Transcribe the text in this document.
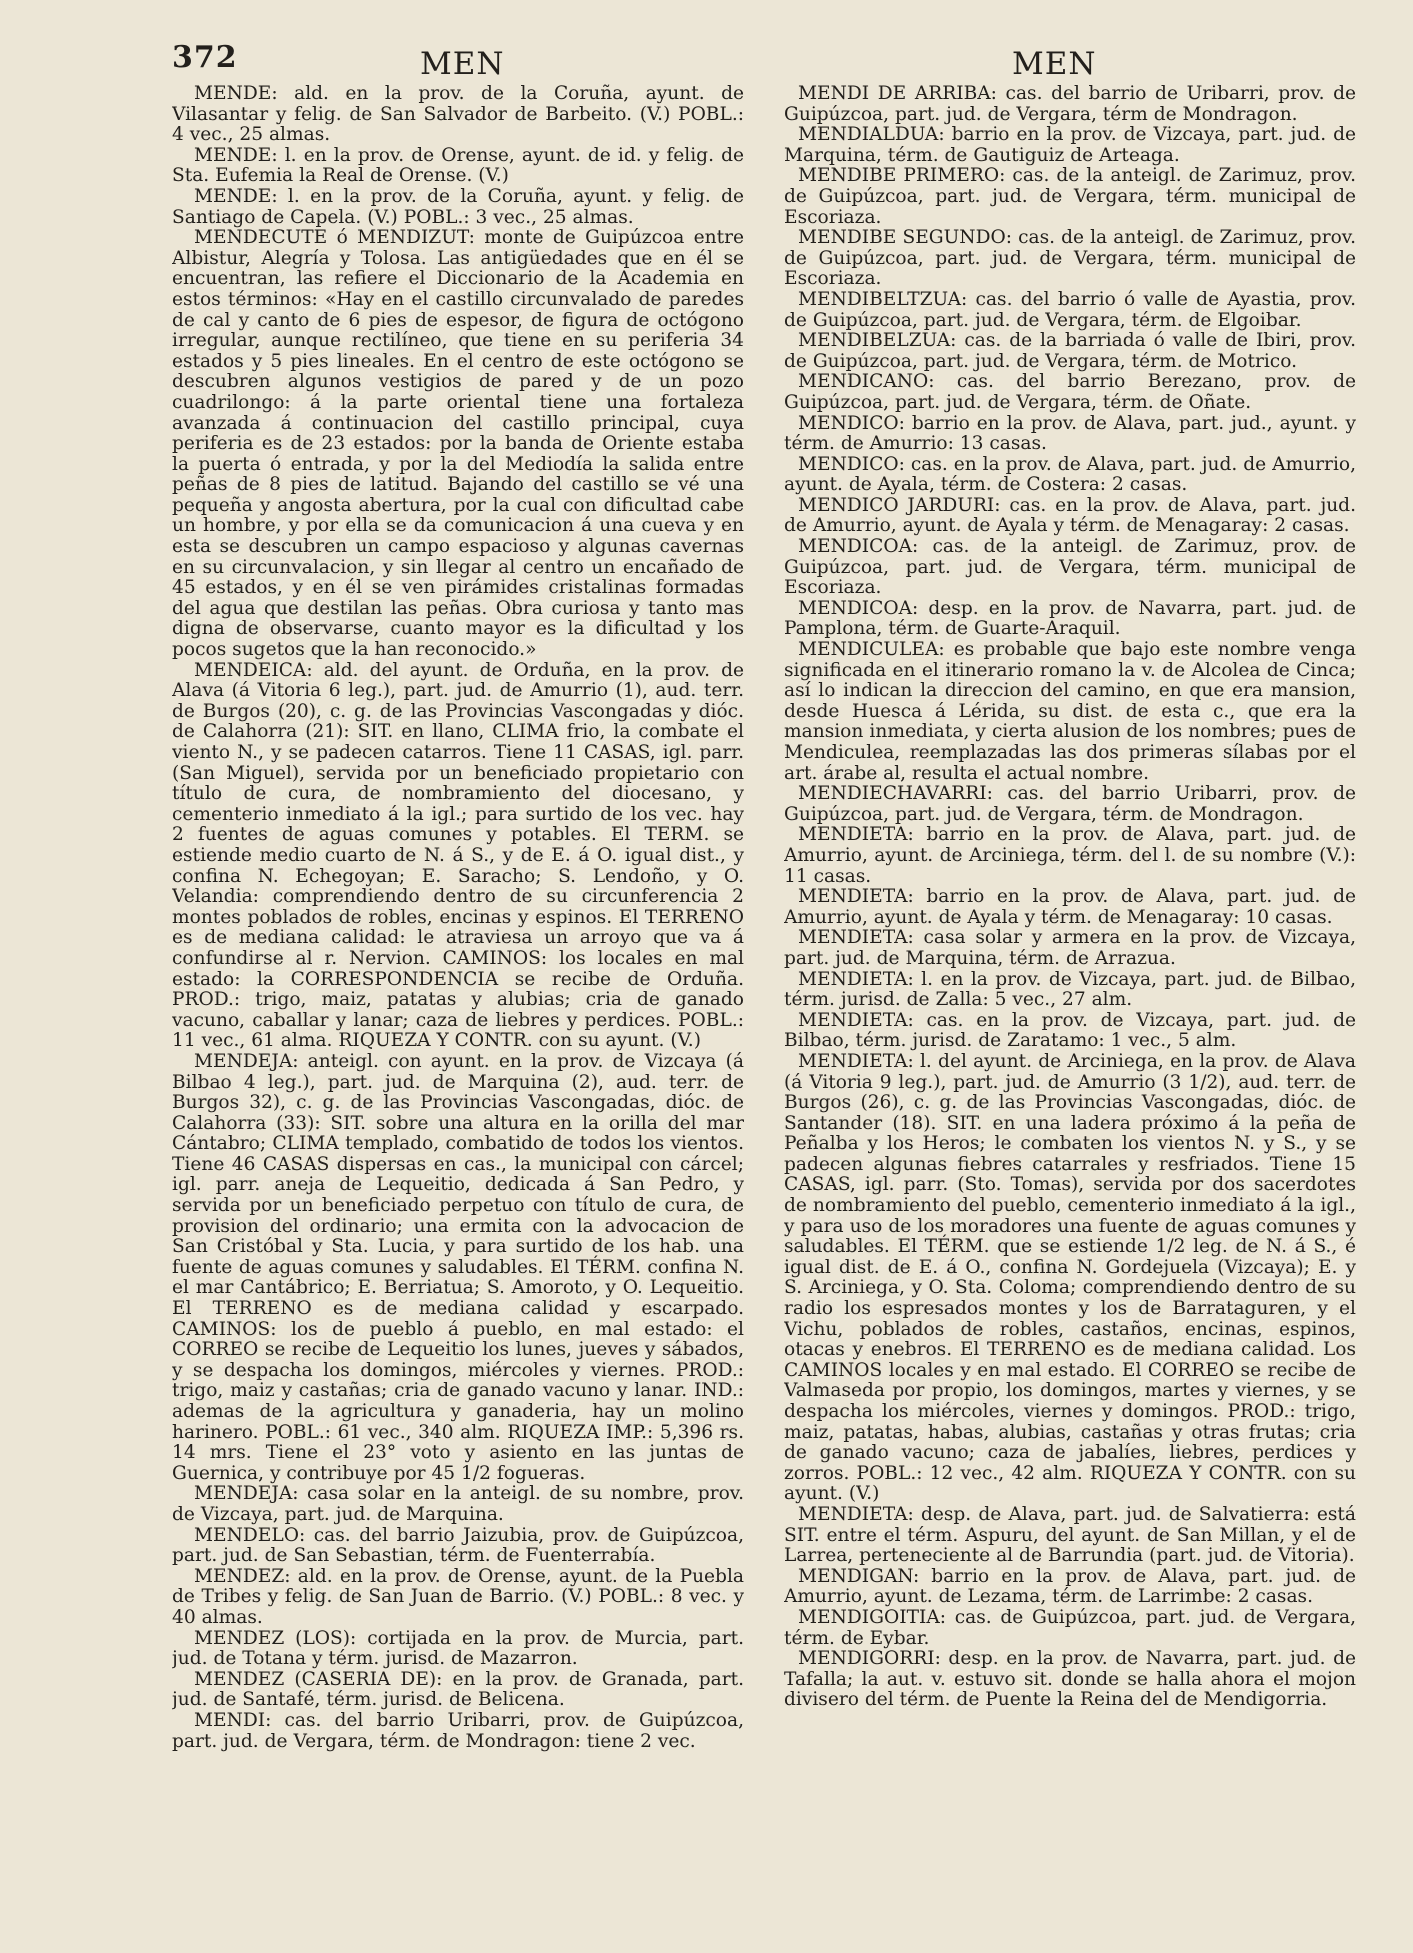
372	MEN	MEN

MENDE: ald. en la prov. de la Coruña, ayunt. de Vilasantar y felig. de San Salvador de Barbeito. (V.) POBL.: 4 vec., 25 almas.

MENDE: l. en la prov. de Orense, ayunt. de id. y felig. de Sta. Eufemia la Real de Orense. (V.)

MENDE: l. en la prov. de la Coruña, ayunt. y felig. de Santiago de Capela. (V.) POBL.: 3 vec., 25 almas.

MENDECUTE ó MENDIZUT: monte de Guipúzcoa entre Albistur, Alegría y Tolosa. Las antigüedades que en él se encuentran, las refiere el Diccionario de la Academia en estos términos: «Hay en el castillo circunvalado de paredes de cal y canto de 6 pies de espesor, de figura de octógono irregular, aunque rectilíneo, que tiene en su periferia 34 estados y 5 pies lineales. En el centro de este octógono se descubren algunos vestigios de pared y de un pozo cuadrilongo: á la parte oriental tiene una fortaleza avanzada á continuacion del castillo principal, cuya periferia es de 23 estados: por la banda de Oriente estaba la puerta ó entrada, y por la del Mediodía la salida entre peñas de 8 pies de latitud. Bajando del castillo se vé una pequeña y angosta abertura, por la cual con dificultad cabe un hombre, y por ella se da comunicacion á una cueva y en esta se descubren un campo espacioso y algunas cavernas en su circunvalacion, y sin llegar al centro un encañado de 45 estados, y en él se ven pirámides cristalinas formadas del agua que destilan las peñas. Obra curiosa y tanto mas digna de observarse, cuanto mayor es la dificultad y los pocos sugetos que la han reconocido.»

MENDEICA: ald. del ayunt. de Orduña, en la prov. de Alava (á Vitoria 6 leg.), part. jud. de Amurrio (1), aud. terr. de Burgos (20), c. g. de las Provincias Vascongadas y dióc. de Calahorra (21): SIT. en llano, CLIMA frio, la combate el viento N., y se padecen catarros. Tiene 11 CASAS, igl. parr. (San Miguel), servida por un beneficiado propietario con título de cura, de nombramiento del diocesano, y cementerio inmediato á la igl.; para surtido de los vec. hay 2 fuentes de aguas comunes y potables. El TERM. se estiende medio cuarto de N. á S., y de E. á O. igual dist., y confina N. Echegoyan; E. Saracho; S. Lendoño, y O. Velandia: comprendiendo dentro de su circunferencia 2 montes poblados de robles, encinas y espinos. El TERRENO es de mediana calidad: le atraviesa un arroyo que va á confundirse al r. Nervion. CAMINOS: los locales en mal estado: la CORRESPONDENCIA se recibe de Orduña. PROD.: trigo, maiz, patatas y alubias; cria de ganado vacuno, caballar y lanar; caza de liebres y perdices. POBL.: 11 vec., 61 alma. RIQUEZA Y CONTR. con su ayunt. (V.)

MENDEJA: anteigl. con ayunt. en la prov. de Vizcaya (á Bilbao 4 leg.), part. jud. de Marquina (2), aud. terr. de Burgos 32), c. g. de las Provincias Vascongadas, dióc. de Calahorra (33): SIT. sobre una altura en la orilla del mar Cántabro; CLIMA templado, combatido de todos los vientos. Tiene 46 CASAS dispersas en cas., la municipal con cárcel; igl. parr. aneja de Lequeitio, dedicada á San Pedro, y servida por un beneficiado perpetuo con título de cura, de provision del ordinario; una ermita con la advocacion de San Cristóbal y Sta. Lucia, y para surtido de los hab. una fuente de aguas comunes y saludables. El TÉRM. confina N. el mar Cantábrico; E. Berriatua; S. Amoroto, y O. Lequeitio. El TERRENO es de mediana calidad y escarpado. CAMINOS: los de pueblo á pueblo, en mal estado: el CORREO se recibe de Lequeitio los lunes, jueves y sábados, y se despacha los domingos, miércoles y viernes. PROD.: trigo, maiz y castañas; cria de ganado vacuno y lanar. IND.: ademas de la agricultura y ganaderia, hay un molino harinero. POBL.: 61 vec., 340 alm. RIQUEZA IMP.: 5,396 rs. 14 mrs. Tiene el 23° voto y asiento en las juntas de Guernica, y contribuye por 45 1/2 fogueras.

MENDEJA: casa solar en la anteigl. de su nombre, prov. de Vizcaya, part. jud. de Marquina.

MENDELO: cas. del barrio Jaizubia, prov. de Guipúzcoa, part. jud. de San Sebastian, térm. de Fuenterrabía.

MENDEZ: ald. en la prov. de Orense, ayunt. de la Puebla de Tribes y felig. de San Juan de Barrio. (V.) POBL.: 8 vec. y 40 almas.

MENDEZ (LOS): cortijada en la prov. de Murcia, part. jud. de Totana y térm. jurisd. de Mazarron.

MENDEZ (CASERIA DE): en la prov. de Granada, part. jud. de Santafé, térm. jurisd. de Belicena.

MENDI: cas. del barrio Uribarri, prov. de Guipúzcoa, part. jud. de Vergara, térm. de Mondragon: tiene 2 vec.

MENDI DE ARRIBA: cas. del barrio de Uribarri, prov. de Guipúzcoa, part. jud. de Vergara, térm de Mondragon.

MENDIALDUA: barrio en la prov. de Vizcaya, part. jud. de Marquina, térm. de Gautiguiz de Arteaga.

MENDIBE PRIMERO: cas. de la anteigl. de Zarimuz, prov. de Guipúzcoa, part. jud. de Vergara, térm. municipal de Escoriaza.

MENDIBE SEGUNDO: cas. de la anteigl. de Zarimuz, prov. de Guipúzcoa, part. jud. de Vergara, térm. municipal de Escoriaza.

MENDIBELTZUA: cas. del barrio ó valle de Ayastia, prov. de Guipúzcoa, part. jud. de Vergara, térm. de Elgoibar.

MENDIBELZUA: cas. de la barriada ó valle de Ibiri, prov. de Guipúzcoa, part. jud. de Vergara, térm. de Motrico.

MENDICANO: cas. del barrio Berezano, prov. de Guipúzcoa, part. jud. de Vergara, térm. de Oñate.

MENDICO: barrio en la prov. de Alava, part. jud., ayunt. y térm. de Amurrio: 13 casas.

MENDICO: cas. en la prov. de Alava, part. jud. de Amurrio, ayunt. de Ayala, térm. de Costera: 2 casas.

MENDICO JARDURI: cas. en la prov. de Alava, part. jud. de Amurrio, ayunt. de Ayala y térm. de Menagaray: 2 casas.

MENDICOA: cas. de la anteigl. de Zarimuz, prov. de Guipúzcoa, part. jud. de Vergara, térm. municipal de Escoriaza.

MENDICOA: desp. en la prov. de Navarra, part. jud. de Pamplona, térm. de Guarte-Araquil.

MENDICULEA: es probable que bajo este nombre venga significada en el itinerario romano la v. de Alcolea de Cinca; así lo indican la direccion del camino, en que era mansion, desde Huesca á Lérida, su dist. de esta c., que era la mansion inmediata, y cierta alusion de los nombres; pues de Mendiculea, reemplazadas las dos primeras sílabas por el art. árabe al, resulta el actual nombre.

MENDIECHAVARRI: cas. del barrio Uribarri, prov. de Guipúzcoa, part. jud. de Vergara, térm. de Mondragon.

MENDIETA: barrio en la prov. de Alava, part. jud. de Amurrio, ayunt. de Arciniega, térm. del l. de su nombre (V.): 11 casas.

MENDIETA: barrio en la prov. de Alava, part. jud. de Amurrio, ayunt. de Ayala y térm. de Menagaray: 10 casas.

MENDIETA: casa solar y armera en la prov. de Vizcaya, part. jud. de Marquina, térm. de Arrazua.

MENDIETA: l. en la prov. de Vizcaya, part. jud. de Bilbao, térm. jurisd. de Zalla: 5 vec., 27 alm.

MENDIETA: cas. en la prov. de Vizcaya, part. jud. de Bilbao, térm. jurisd. de Zaratamo: 1 vec., 5 alm.

MENDIETA: l. del ayunt. de Arciniega, en la prov. de Alava (á Vitoria 9 leg.), part. jud. de Amurrio (3 1/2), aud. terr. de Burgos (26), c. g. de las Provincias Vascongadas, dióc. de Santander (18). SIT. en una ladera próximo á la peña de Peñalba y los Heros; le combaten los vientos N. y S., y se padecen algunas fiebres catarrales y resfriados. Tiene 15 CASAS, igl. parr. (Sto. Tomas), servida por dos sacerdotes de nombramiento del pueblo, cementerio inmediato á la igl., y para uso de los moradores una fuente de aguas comunes y saludables. El TÉRM. que se estiende 1/2 leg. de N. á S., é igual dist. de E. á O., confina N. Gordejuela (Vizcaya); E. y S. Arciniega, y O. Sta. Coloma; comprendiendo dentro de su radio los espresados montes y los de Barrataguren, y el Vichu, poblados de robles, castaños, encinas, espinos, otacas y enebros. El TERRENO es de mediana calidad. Los CAMINOS locales y en mal estado. El CORREO se recibe de Valmaseda por propio, los domingos, martes y viernes, y se despacha los miércoles, viernes y domingos. PROD.: trigo, maiz, patatas, habas, alubias, castañas y otras frutas; cria de ganado vacuno; caza de jabalíes, liebres, perdices y zorros. POBL.: 12 vec., 42 alm. RIQUEZA Y CONTR. con su ayunt. (V.)

MENDIETA: desp. de Alava, part. jud. de Salvatierra: está SIT. entre el térm. Aspuru, del ayunt. de San Millan, y el de Larrea, perteneciente al de Barrundia (part. jud. de Vitoria).

MENDIGAN: barrio en la prov. de Alava, part. jud. de Amurrio, ayunt. de Lezama, térm. de Larrimbe: 2 casas.

MENDIGOITIA: cas. de Guipúzcoa, part. jud. de Vergara, térm. de Eybar.

MENDIGORRI: desp. en la prov. de Navarra, part. jud. de Tafalla; la aut. v. estuvo sit. donde se halla ahora el mojon divisero del térm. de Puente la Reina del de Mendigorria.
